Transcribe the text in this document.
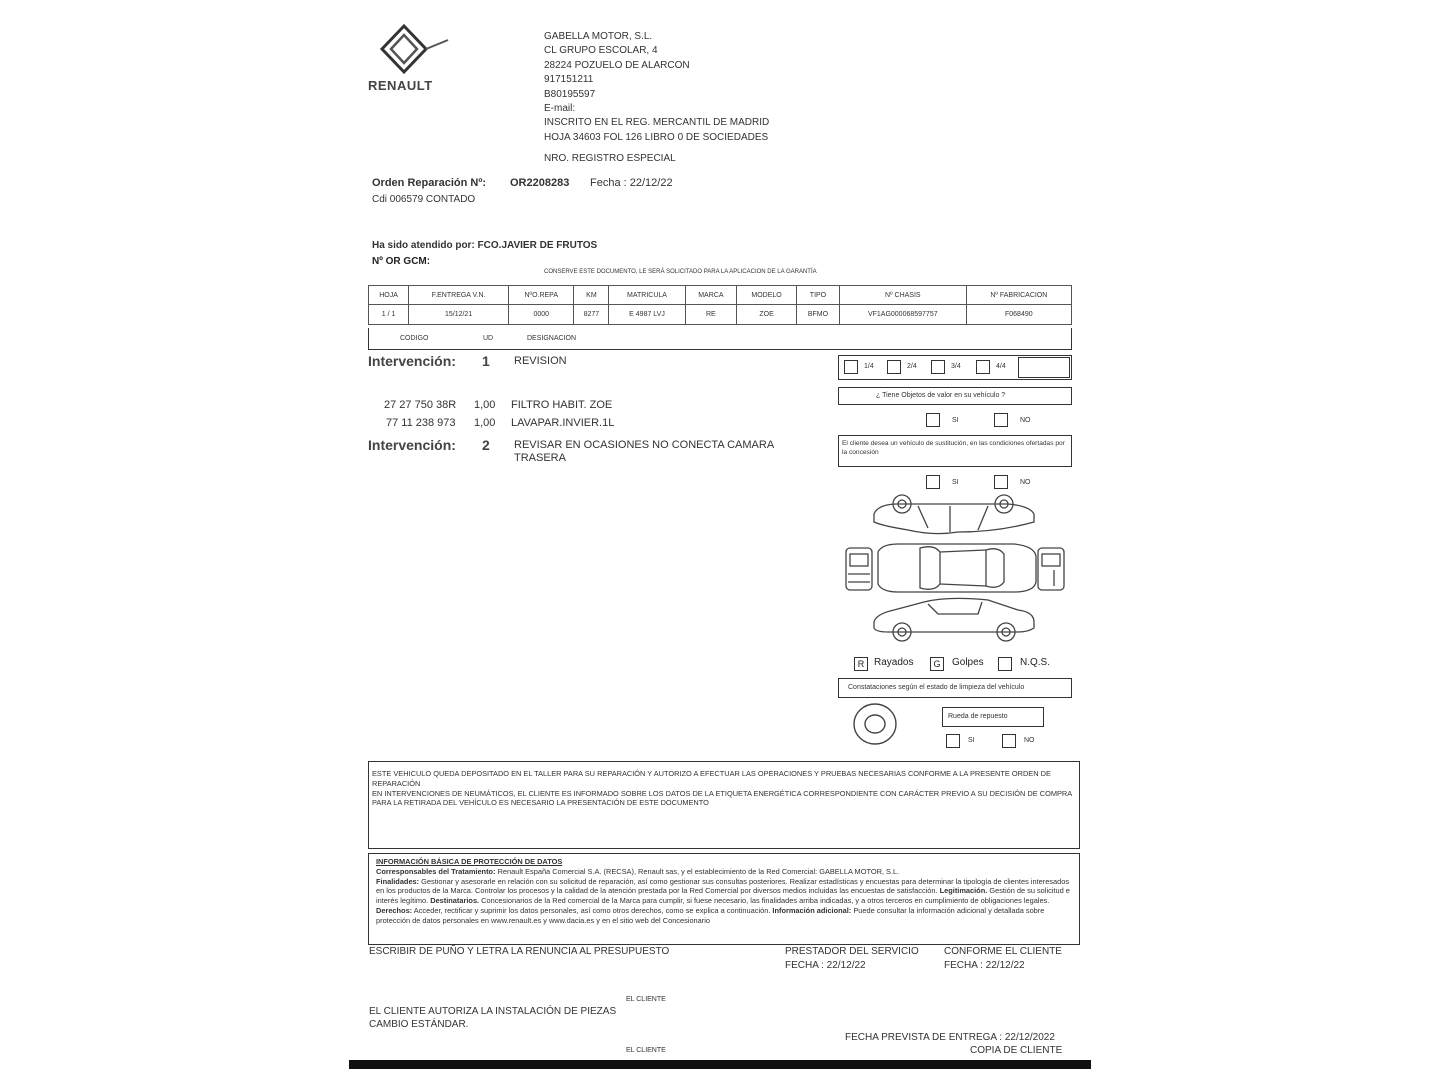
RENAULT
GABELLA MOTOR, S.L.
CL GRUPO ESCOLAR, 4
28224 POZUELO DE ALARCON
917151211
B80195597
E-mail:
INSCRITO EN EL REG. MERCANTIL DE MADRID
HOJA 34603 FOL 126 LIBRO 0 DE SOCIEDADES
NRO. REGISTRO ESPECIAL
Orden Reparación Nº: OR2208283 Fecha : 22/12/22
Cdi 006579 CONTADO
Ha sido atendido por: FCO.JAVIER DE FRUTOS
Nº OR GCM:
CONSERVE ESTE DOCUMENTO, LE SERÁ SOLICITADO PARA LA APLICACION DE LA GARANTÍA
HOJA	F.ENTREGA V.N.	NºO.REPA	KM	MATRICULA	MARCA	MODELO	TIPO	Nº CHASIS	Nº FABRICACION
1 / 1	15/12/21	0000	8277	E 4987 LVJ	RE	ZOE	BFMO	VF1AG000068597757	F068490
CODIGO	UD	DESIGNACION
Intervención: 1 REVISION
27 27 750 38R 1,00 FILTRO HABIT. ZOE
77 11 238 973 1,00 LAVAPAR.INVIER.1L
Intervención: 2 REVISAR EN OCASIONES NO CONECTA CAMARA
TRASERA
1/4	2/4	3/4	4/4
¿ Tiene Objetos de valor en su vehículo ?
SI	NO
El cliente desea un vehículo de sustitución, en las condiciones ofertadas por la concesión
SI	NO
R Rayados	G	Golpes	N.Q.S.
Constataciones según el estado de limpieza del vehículo
Rueda de repuesto
SI	NO
ESTE VEHICULO QUEDA DEPOSITADO EN EL TALLER PARA SU REPARACIÓN Y AUTORIZO A EFECTUAR LAS OPERACIONES Y PRUEBAS NECESARIAS CONFORME A LA PRESENTE ORDEN DE REPARACIÓN
EN INTERVENCIONES DE NEUMÁTICOS, EL CLIENTE ES INFORMADO SOBRE LOS DATOS DE LA ETIQUETA ENERGÉTICA CORRESPONDIENTE CON CARÁCTER PREVIO A SU DECISIÓN DE COMPRA
PARA LA RETIRADA DEL VEHÍCULO ES NECESARIO LA PRESENTACIÓN DE ESTE DOCUMENTO
INFORMACIÓN BÁSICA DE PROTECCIÓN DE DATOS
Corresponsables del Tratamiento: Renault España Comercial S.A. (RECSA), Renault sas, y el establecimiento de la Red Comercial: GABELLA MOTOR, S.L.
Finalidades: Gestionar y asesorarle en relación con su solicitud de reparación, así como gestionar sus consultas posteriores. Realizar estadísticas y encuestas para determinar la tipología de clientes interesados en los productos de la Marca. Controlar los procesos y la calidad de la atención prestada por la Red Comercial por diversos medios incluidas las encuestas de satisfacción. Legitimación. Gestión de su solicitud e interés legítimo. Destinatarios. Concesionarios de la Red comercial de la Marca para cumplir, si fuese necesario, las finalidades arriba indicadas, y a otros terceros en cumplimiento de obligaciones legales. Derechos: Acceder, rectificar y suprimir los datos personales, así como otros derechos, como se explica a continuación. Información adicional: Puede consultar la información adicional y detallada sobre protección de datos personales en www.renault.es y www.dacia.es y en el sitio web del Concesionario
ESCRIBIR DE PUÑO Y LETRA LA RENUNCIA AL PRESUPUESTO	PRESTADOR DEL SERVICIO
FECHA : 22/12/22
CONFORME EL CLIENTE
FECHA : 22/12/22
EL CLIENTE
EL CLIENTE AUTORIZA LA INSTALACIÓN DE PIEZAS
CAMBIO ESTÁNDAR.
FECHA PREVISTA DE ENTREGA : 22/12/2022
EL CLIENTE	COPIA DE CLIENTE
